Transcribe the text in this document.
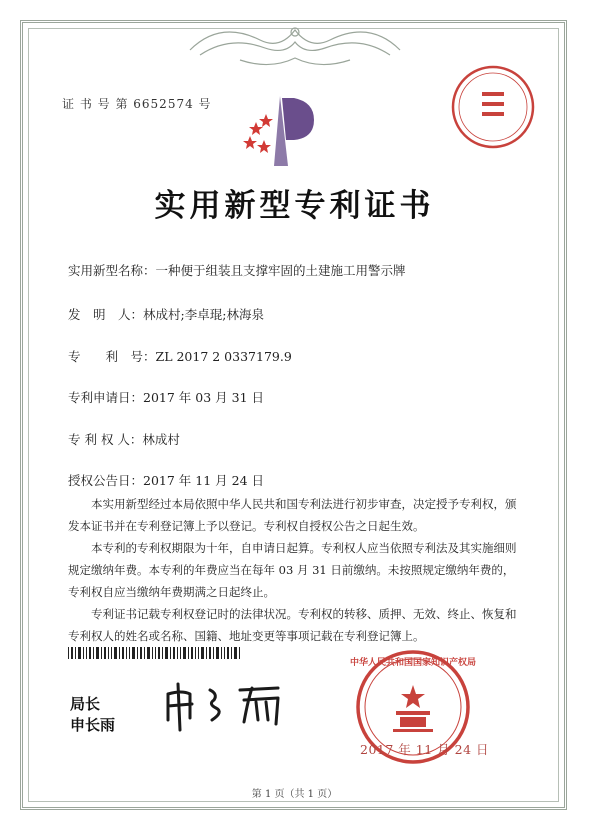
证 书 号 第 6652574 号
实用新型专利证书
实用新型名称：一种便于组装且支撑牢固的土建施工用警示牌
发　明　人：林成村;李卓琨;林海泉
专　　利　号：ZL 2017 2 0337179.9
专利申请日：2017 年 03 月 31 日
专 利 权 人：林成村
授权公告日：2017 年 11 月 24 日

本实用新型经过本局依照中华人民共和国专利法进行初步审查，决定授予专利权，颁发本证书并在专利登记簿上予以登记。专利权自授权公告之日起生效。

本专利的专利权期限为十年，自申请日起算。专利权人应当依照专利法及其实施细则规定缴纳年费。本专利的年费应当在每年 03 月 31 日前缴纳。未按照规定缴纳年费的，专利权自应当缴纳年费期满之日起终止。

专利证书记载专利权登记时的法律状况。专利权的转移、质押、无效、终止、恢复和专利权人的姓名或名称、国籍、地址变更等事项记载在专利登记簿上。

局长
申长雨
中华人民共和国国家知识产权局
2017 年 11 月 24 日
第 1 页（共 1 页）
